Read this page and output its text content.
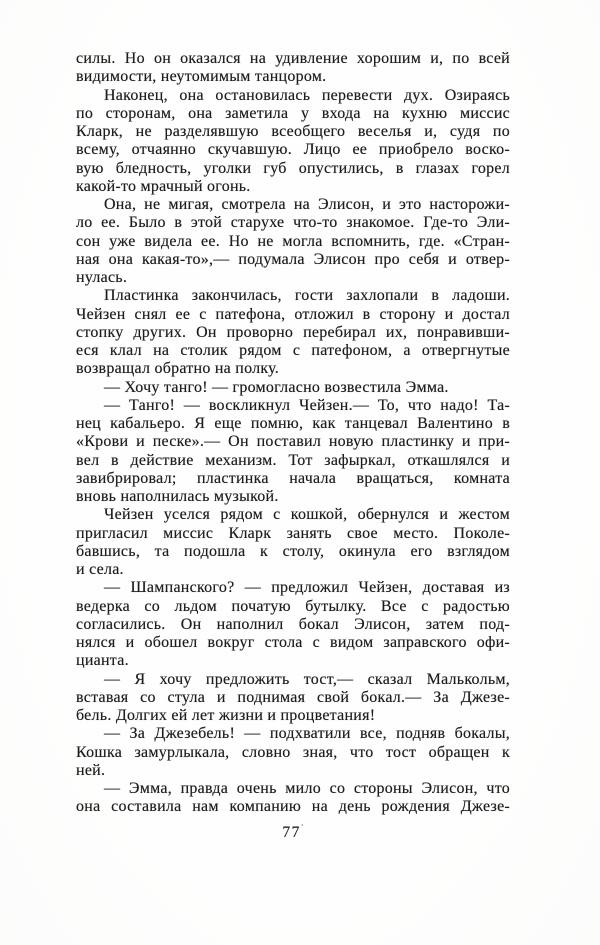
силы. Но он оказался на удивление хорошим и, по всей
видимости, неутомимым танцором.
Наконец, она остановилась перевести дух. Озираясь
по сторонам, она заметила у входа на кухню миссис
Кларк, не разделявшую всеобщего веселья и, судя по
всему, отчаянно скучавшую. Лицо ее приобрело воско-
вую бледность, уголки губ опустились, в глазах горел
какой-то мрачный огонь.
Она, не мигая, смотрела на Элисон, и это насторожи-
ло ее. Было в этой старухе что-то знакомое. Где-то Эли-
сон уже видела ее. Но не могла вспомнить, где. «Стран-
ная она какая-то»,— подумала Элисон про себя и отвер-
нулась.
Пластинка закончилась, гости захлопали в ладоши.
Чейзен снял ее с патефона, отложил в сторону и достал
стопку других. Он проворно перебирал их, понравивши-
еся клал на столик рядом с патефоном, а отвергнутые
возвращал обратно на полку.
— Хочу танго! — громогласно возвестила Эмма.
— Танго! — воскликнул Чейзен.— То, что надо! Та-
нец кабальеро. Я еще помню, как танцевал Валентино в
«Крови и песке».— Он поставил новую пластинку и при-
вел в действие механизм. Тот зафыркал, откашлялся и
завибрировал; пластинка начала вращаться, комната
вновь наполнилась музыкой.
Чейзен уселся рядом с кошкой, обернулся и жестом
пригласил миссис Кларк занять свое место. Поколе-
бавшись, та подошла к столу, окинула его взглядом
и села.
— Шампанского? — предложил Чейзен, доставая из
ведерка со льдом початую бутылку. Все с радостью
согласились. Он наполнил бокал Элисон, затем под-
нялся и обошел вокруг стола с видом заправского офи-
цианта.
— Я хочу предложить тост,— сказал Малькольм,
вставая со стула и поднимая свой бокал.— За Джезе-
бель. Долгих ей лет жизни и процветания!
— За Джезебель! — подхватили все, подняв бокалы,
Кошка замурлыкала, словно зная, что тост обращен к
ней.
— Эмма, правда очень мило со стороны Элисон, что
она составила нам компанию на день рождения Джезе-
77·
